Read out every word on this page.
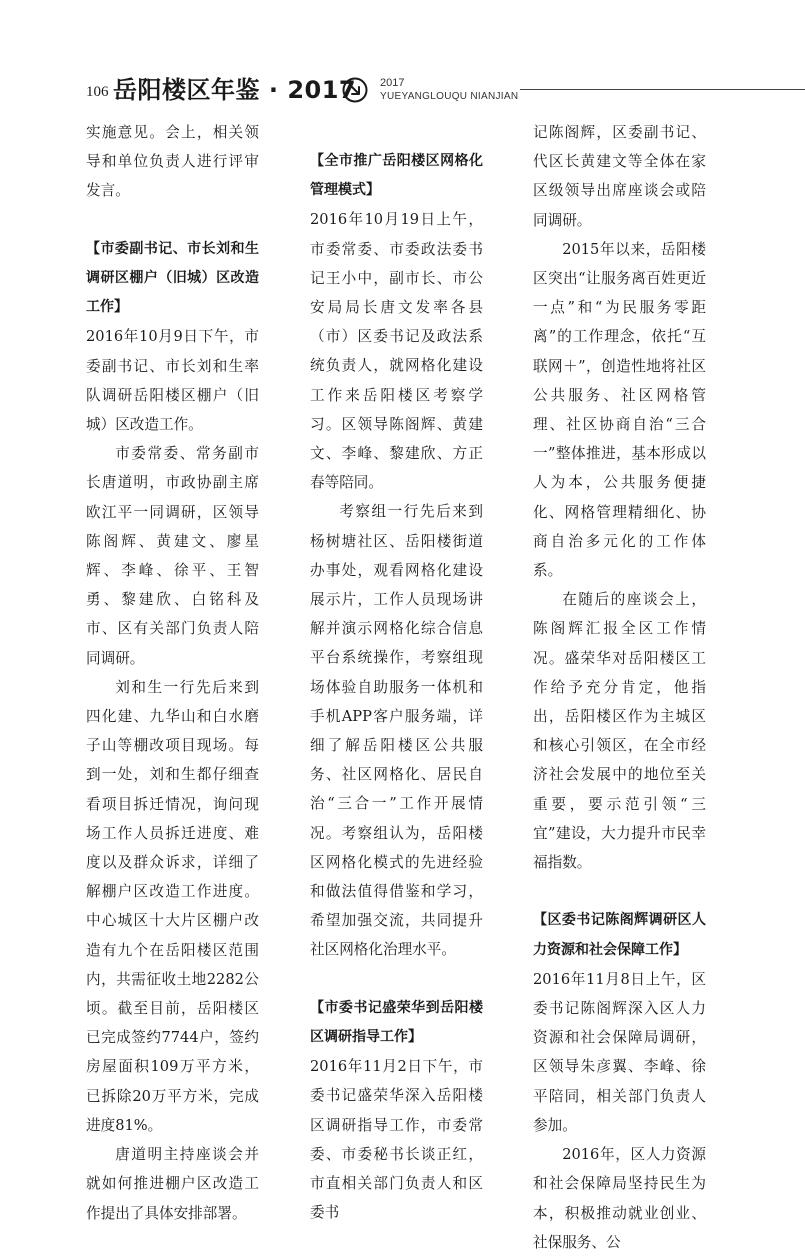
106 岳阳楼区年鉴 · 2017 2017
YUEYANGLOUQU NIANJIAN

实施意见。会上，相关领导和单位负责人进行评审发言。

【市委副书记、市长刘和生调研区棚户（旧城）区改造工作】

2016年10月9日下午，市委副书记、市长刘和生率队调研岳阳楼区棚户（旧城）区改造工作。

市委常委、常务副市长唐道明，市政协副主席欧江平一同调研，区领导陈阁辉、黄建文、廖星辉、李峰、徐平、王智勇、黎建欣、白铭科及市、区有关部门负责人陪同调研。

刘和生一行先后来到四化建、九华山和白水磨子山等棚改项目现场。每到一处，刘和生都仔细查看项目拆迁情况，询问现场工作人员拆迁进度、难度以及群众诉求，详细了解棚户区改造工作进度。中心城区十大片区棚户改造有九个在岳阳楼区范围内，共需征收土地2282公顷。截至目前，岳阳楼区已完成签约7744户，签约房屋面积109万平方米，已拆除20万平方米，完成进度81%。

唐道明主持座谈会并就如何推进棚户区改造工作提出了具体安排部署。

【全市推广岳阳楼区网格化管理模式】

2016年10月19日上午，市委常委、市委政法委书记王小中，副市长、市公安局局长唐文发率各县（市）区委书记及政法系统负责人，就网格化建设工作来岳阳楼区考察学习。区领导陈阁辉、黄建文、李峰、黎建欣、方正春等陪同。

考察组一行先后来到杨树塘社区、岳阳楼街道办事处，观看网格化建设展示片，工作人员现场讲解并演示网格化综合信息平台系统操作，考察组现场体验自助服务一体机和手机APP客户服务端，详细了解岳阳楼区公共服务、社区网格化、居民自治“三合一”工作开展情况。考察组认为，岳阳楼区网格化模式的先进经验和做法值得借鉴和学习，希望加强交流，共同提升社区网格化治理水平。

【市委书记盛荣华到岳阳楼区调研指导工作】

2016年11月2日下午，市委书记盛荣华深入岳阳楼区调研指导工作，市委常委、市委秘书长谈正红，市直相关部门负责人和区委书

记陈阁辉，区委副书记、代区长黄建文等全体在家区级领导出席座谈会或陪同调研。

2015年以来，岳阳楼区突出“让服务离百姓更近一点”和“为民服务零距离”的工作理念，依托“互联网＋”，创造性地将社区公共服务、社区网格管理、社区协商自治“三合一”整体推进，基本形成以人为本，公共服务便捷化、网格管理精细化、协商自治多元化的工作体系。

在随后的座谈会上，陈阁辉汇报全区工作情况。盛荣华对岳阳楼区工作给予充分肯定，他指出，岳阳楼区作为主城区和核心引领区，在全市经济社会发展中的地位至关重要，要示范引领“三宜”建设，大力提升市民幸福指数。

【区委书记陈阁辉调研区人力资源和社会保障工作】

2016年11月8日上午，区委书记陈阁辉深入区人力资源和社会保障局调研，区领导朱彦翼、李峰、徐平陪同，相关部门负责人参加。

2016年，区人力资源和社会保障局坚持民生为本，积极推动就业创业、社保服务、公
